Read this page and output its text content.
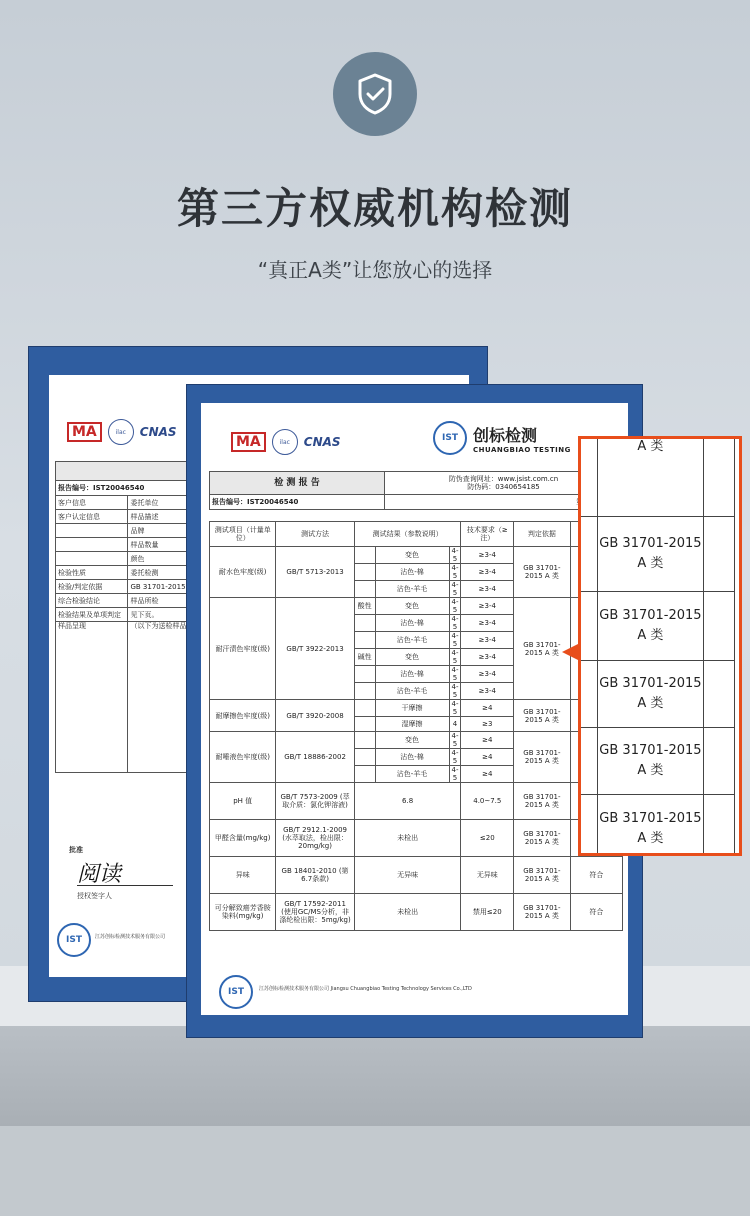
第三方权威机构检测
“真正A类”让您放心的选择
MA	ilac	CNAS

报告编号：IST20046540		
客户信息	委托单位	
客户认定信息	样品描述	
	品牌	
	样品数量	
	颜色	
检验性质	委托检测	
检验/判定依据	GB 31701-2015	
综合检验结论	样品所检	
检验结果及单项判定	见下页。	
样品呈现	（以下为送检样品	
批准
阅读
授权签字人
IST	江苏创标检测技术服务有限公司
MA	ilac	CNAS	IST 创标检测
CHUANGBIAO TESTING
检 测 报 告	防伪查询网址：www.jsist.com.cn
防伪码：0340654185

报告编号：IST20046540	
测试项目（计量单位）	测试方法	测试结果（参数说明）			技术要求（≥注）	判定依据	
耐水色牢度(级)	GB/T 5713-2013		变色	4-5	≥3-4	GB 31701-2015 A 类	
			沾色-棉	4-5	≥3-4		
			沾色-羊毛	4-5	≥3-4		
耐汗渍色牢度(级)	GB/T 3922-2013	酸性	变色	4-5	≥3-4	GB 31701-2015 A 类	
			沾色-棉	4-5	≥3-4		
			沾色-羊毛	4-5	≥3-4		
		碱性	变色	4-5	≥3-4		
			沾色-棉	4-5	≥3-4		
			沾色-羊毛	4-5	≥3-4		
耐摩擦色牢度(级)	GB/T 3920-2008		干摩擦	4-5	≥4	GB 31701-2015 A 类	
			湿摩擦	4	≥3		
耐唾液色牢度(级)	GB/T 18886-2002		变色	4-5	≥4	GB 31701-2015 A 类	
			沾色-棉	4-5	≥4		
			沾色-羊毛	4-5	≥4		
pH 值	GB/T 7573-2009 (萃取介质：氯化钾溶液)	6.8			4.0~7.5	GB 31701-2015 A 类	
甲醛含量(mg/kg)	GB/T 2912.1-2009 (水萃取法，检出限：20mg/kg)	未检出			≤20	GB 31701-2015 A 类	
异味	GB 18401-2010 (第6.7条款)	无异味			无异味	GB 31701-2015 A 类	符合
可分解致癌芳香胺染料(mg/kg)	GB/T 17592-2011 (使用GC/MS分析，非涤纶检出限：5mg/kg)	未检出			禁用≤20	GB 31701-2015 A 类	符合
IST	江苏创标检测技术服务有限公司 Jiangsu Chuangbiao Testing Technology Services Co.,LTD
	A 类	
	GB 31701-2015 A 类	
	GB 31701-2015 A 类	
	GB 31701-2015 A 类	
	GB 31701-2015 A 类	
	GB 31701-2015 A 类	
